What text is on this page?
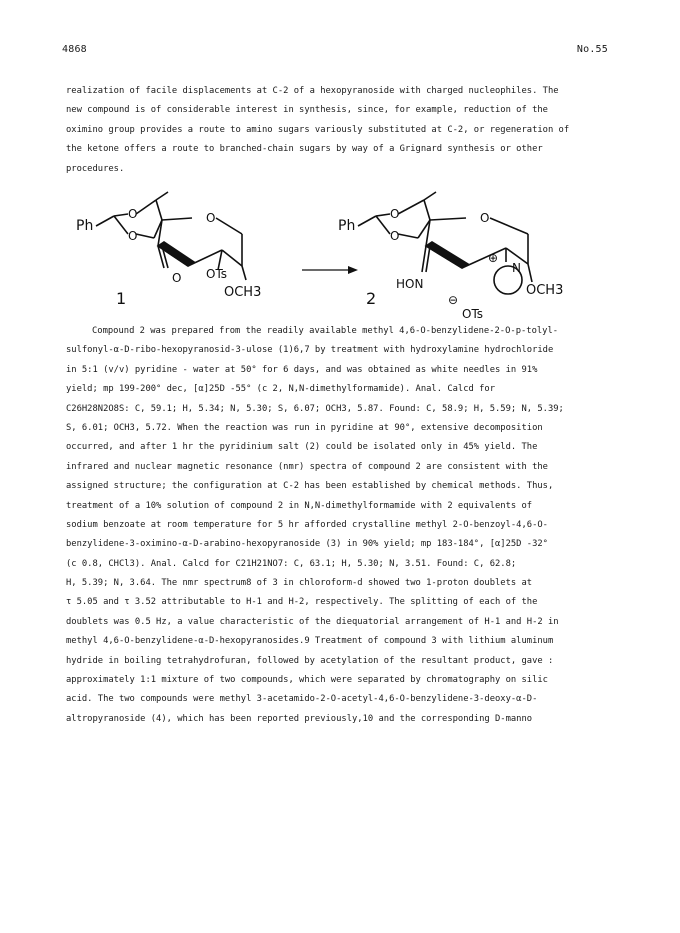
4868	No.55
realization of facile displacements at C-2 of a hexopyranoside with charged nucleophiles. The
new compound is of considerable interest in synthesis, since, for example, reduction of the
oximino group provides a route to amino sugars variously substituted at C-2, or regeneration of
the ketone offers a route to branched-chain sugars by way of a Grignard synthesis or other
procedures.
Ph
O
O
O
O OTs
OCH3
1
Ph
O
O
O
HON
N
⊕
⊖
OTs
OCH3
2
Compound 2 was prepared from the readily available methyl 4,6-O-benzylidene-2-O-p-tolyl-
sulfonyl-α-D-ribo-hexopyranosid-3-ulose (1)6,7 by treatment with hydroxylamine hydrochloride
in 5:1 (v/v) pyridine - water at 50° for 6 days, and was obtained as white needles in 91%
yield; mp 199-200° dec, [α]25D -55° (c 2, N,N-dimethylformamide). Anal. Calcd for
C26H28N2O8S: C, 59.1; H, 5.34; N, 5.30; S, 6.07; OCH3, 5.87. Found: C, 58.9; H, 5.59; N, 5.39;
S, 6.01; OCH3, 5.72. When the reaction was run in pyridine at 90°, extensive decomposition
occurred, and after 1 hr the pyridinium salt (2) could be isolated only in 45% yield. The
infrared and nuclear magnetic resonance (nmr) spectra of compound 2 are consistent with the
assigned structure; the configuration at C-2 has been established by chemical methods. Thus,
treatment of a 10% solution of compound 2 in N,N-dimethylformamide with 2 equivalents of
sodium benzoate at room temperature for 5 hr afforded crystalline methyl 2-O-benzoyl-4,6-O-
benzylidene-3-oximino-α-D-arabino-hexopyranoside (3) in 90% yield; mp 183-184°, [α]25D -32°
(c 0.8, CHCl3). Anal. Calcd for C21H21NO7: C, 63.1; H, 5.30; N, 3.51. Found: C, 62.8;
H, 5.39; N, 3.64. The nmr spectrum8 of 3 in chloroform-d showed two 1-proton doublets at
τ 5.05 and τ 3.52 attributable to H-1 and H-2, respectively. The splitting of each of the
doublets was 0.5 Hz, a value characteristic of the diequatorial arrangement of H-1 and H-2 in
methyl 4,6-O-benzylidene-α-D-hexopyranosides.9 Treatment of compound 3 with lithium aluminum
hydride in boiling tetrahydrofuran, followed by acetylation of the resultant product, gave :
approximately 1:1 mixture of two compounds, which were separated by chromatography on silic
acid. The two compounds were methyl 3-acetamido-2-O-acetyl-4,6-O-benzylidene-3-deoxy-α-D-
altropyranoside (4), which has been reported previously,10 and the corresponding D-manno
